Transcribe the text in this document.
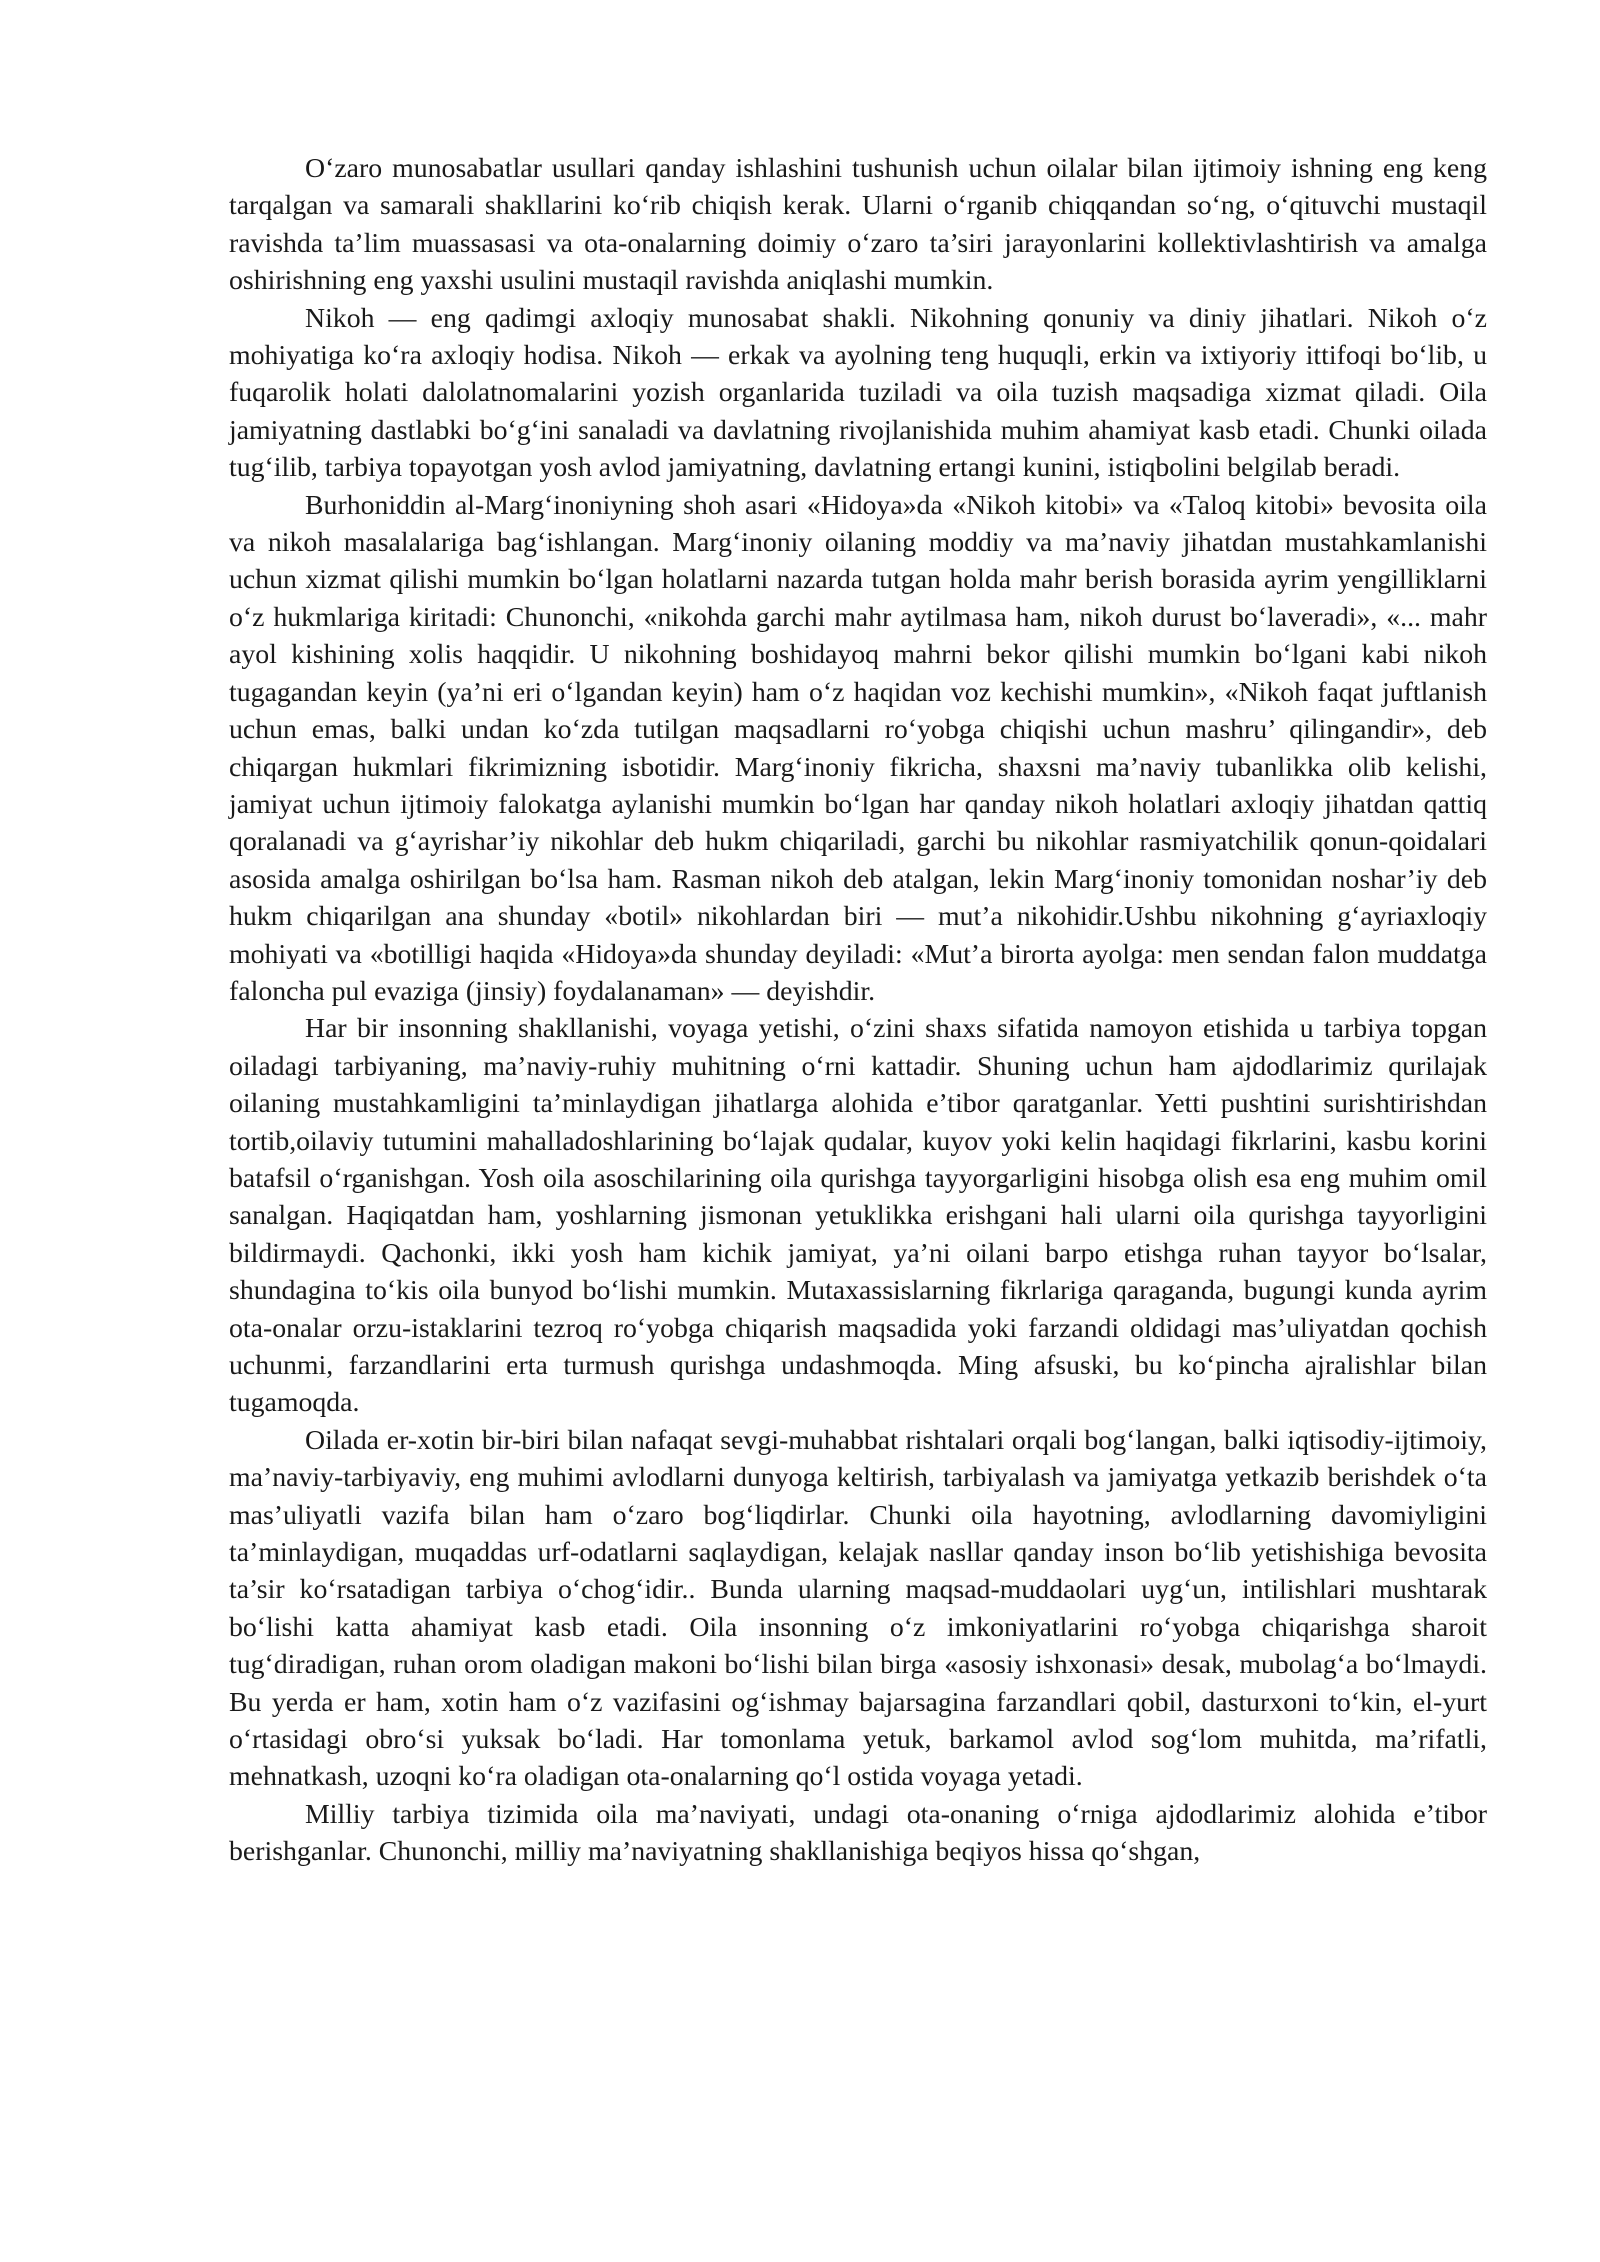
O‘zaro munosabatlar usullari qanday ishlashini tushunish uchun oilalar bilan ijtimoiy ishning eng keng tarqalgan va samarali shakllarini ko‘rib chiqish kerak. Ularni o‘rganib chiqqandan so‘ng, o‘qituvchi mustaqil ravishda ta’lim muassasasi va ota-onalarning doimiy o‘zaro ta’siri jarayonlarini kollektivlashtirish va amalga oshirishning eng yaxshi usulini mustaqil ravishda aniqlashi mumkin.

Nikoh — eng qadimgi axloqiy munosabat shakli. Nikohning qonuniy va diniy jihatlari. Nikoh o‘z mohiyatiga ko‘ra axloqiy hodisa. Nikoh — erkak va ayolning teng huquqli, erkin va ixtiyoriy ittifoqi bo‘lib, u fuqarolik holati dalolatnomalarini yozish organlarida tuziladi va oila tuzish maqsadiga xizmat qiladi. Oila jamiyatning dastlabki bo‘g‘ini sanaladi va davlatning rivojlanishida muhim ahamiyat kasb etadi. Chunki oilada tug‘ilib, tarbiya topayotgan yosh avlod jamiyatning, davlatning ertangi kunini, istiqbolini belgilab beradi.

Burhoniddin al-Marg‘inoniyning shoh asari «Hidoya»da «Nikoh kitobi» va «Taloq kitobi» bevosita oila va nikoh masalalariga bag‘ishlangan. Marg‘inoniy oilaning moddiy va ma’naviy jihatdan mustahkamlanishi uchun xizmat qilishi mumkin bo‘lgan holatlarni nazarda tutgan holda mahr berish borasida ayrim yengilliklarni o‘z hukmlariga kiritadi: Chunonchi, «nikohda garchi mahr aytilmasa ham, nikoh durust bo‘laveradi», «... mahr ayol kishining xolis haqqidir. U nikohning boshidayoq mahrni bekor qilishi mumkin bo‘lgani kabi nikoh tugagandan keyin (ya’ni eri o‘lgandan keyin) ham o‘z haqidan voz kechishi mumkin», «Nikoh faqat juftlanish uchun emas, balki undan ko‘zda tutilgan maqsadlarni ro‘yobga chiqishi uchun mashru’ qilingandir», deb chiqargan hukmlari fikrimizning isbotidir. Marg‘inoniy fikricha, shaxsni ma’naviy tubanlikka olib kelishi, jamiyat uchun ijtimoiy falokatga aylanishi mumkin bo‘lgan har qanday nikoh holatlari axloqiy jihatdan qattiq qoralanadi va g‘ayrishar’iy nikohlar deb hukm chiqariladi, garchi bu nikohlar rasmiyatchilik qonun-qoidalari asosida amalga oshirilgan bo‘lsa ham. Rasman nikoh deb atalgan, lekin Marg‘inoniy tomonidan noshar’iy deb hukm chiqarilgan ana shunday «botil» nikohlardan biri — mut’a nikohidir.Ushbu nikohning g‘ayriaxloqiy mohiyati va «botilligi haqida «Hidoya»da shunday deyiladi: «Mut’a birorta ayolga: men sendan falon muddatga faloncha pul evaziga (jinsiy) foydalanaman» — deyishdir.

Har bir insonning shakllanishi, voyaga yetishi, o‘zini shaxs sifatida namoyon etishida u tarbiya topgan oiladagi tarbiyaning, ma’naviy-ruhiy muhitning o‘rni kattadir. Shuning uchun ham ajdodlarimiz qurilajak oilaning mustahkamligini ta’minlaydigan jihatlarga alohida e’tibor qaratganlar. Yetti pushtini surishtirishdan tortib,oilaviy tutumini mahalladoshlarining bo‘lajak qudalar, kuyov yoki kelin haqidagi fikrlarini, kasbu korini batafsil o‘rganishgan. Yosh oila asoschilarining oila qurishga tayyorgarligini hisobga olish esa eng muhim omil sanalgan. Haqiqatdan ham, yoshlarning jismonan yetuklikka erishgani hali ularni oila qurishga tayyorligini bildirmaydi. Qachonki, ikki yosh ham kichik jamiyat, ya’ni oilani barpo etishga ruhan tayyor bo‘lsalar, shundagina to‘kis oila bunyod bo‘lishi mumkin. Mutaxassislarning fikrlariga qaraganda, bugungi kunda ayrim ota-onalar orzu-istaklarini tezroq ro‘yobga chiqarish maqsadida yoki farzandi oldidagi mas’uliyatdan qochish uchunmi, farzandlarini erta turmush qurishga undashmoqda. Ming afsuski, bu ko‘pincha ajralishlar bilan tugamoqda.

Oilada er-xotin bir-biri bilan nafaqat sevgi-muhabbat rishtalari orqali bog‘langan, balki iqtisodiy-ijtimoiy, ma’naviy-tarbiyaviy, eng muhimi avlodlarni dunyoga keltirish, tarbiyalash va jamiyatga yetkazib berishdek o‘ta mas’uliyatli vazifa bilan ham o‘zaro bog‘liqdirlar. Chunki oila hayotning, avlodlarning davomiyligini ta’minlaydigan, muqaddas urf-odatlarni saqlaydigan, kelajak nasllar qanday inson bo‘lib yetishishiga bevosita ta’sir ko‘rsatadigan tarbiya o‘chog‘idir.. Bunda ularning maqsad-muddaolari uyg‘un, intilishlari mushtarak bo‘lishi katta ahamiyat kasb etadi. Oila insonning o‘z imkoniyatlarini ro‘yobga chiqarishga sharoit tug‘diradigan, ruhan orom oladigan makoni bo‘lishi bilan birga «asosiy ishxonasi» desak, mubolag‘a bo‘lmaydi. Bu yerda er ham, xotin ham o‘z vazifasini og‘ishmay bajarsagina farzandlari qobil, dasturxoni to‘kin, el-yurt o‘rtasidagi obro‘si yuksak bo‘ladi. Har tomonlama yetuk, barkamol avlod sog‘lom muhitda, ma’rifatli, mehnatkash, uzoqni ko‘ra oladigan ota-onalarning qo‘l ostida voyaga yetadi.

Milliy tarbiya tizimida oila ma’naviyati, undagi ota-onaning o‘rniga ajdodlarimiz alohida e’tibor berishganlar. Chunonchi, milliy ma’naviyatning shakllanishiga beqiyos hissa qo‘shgan,
